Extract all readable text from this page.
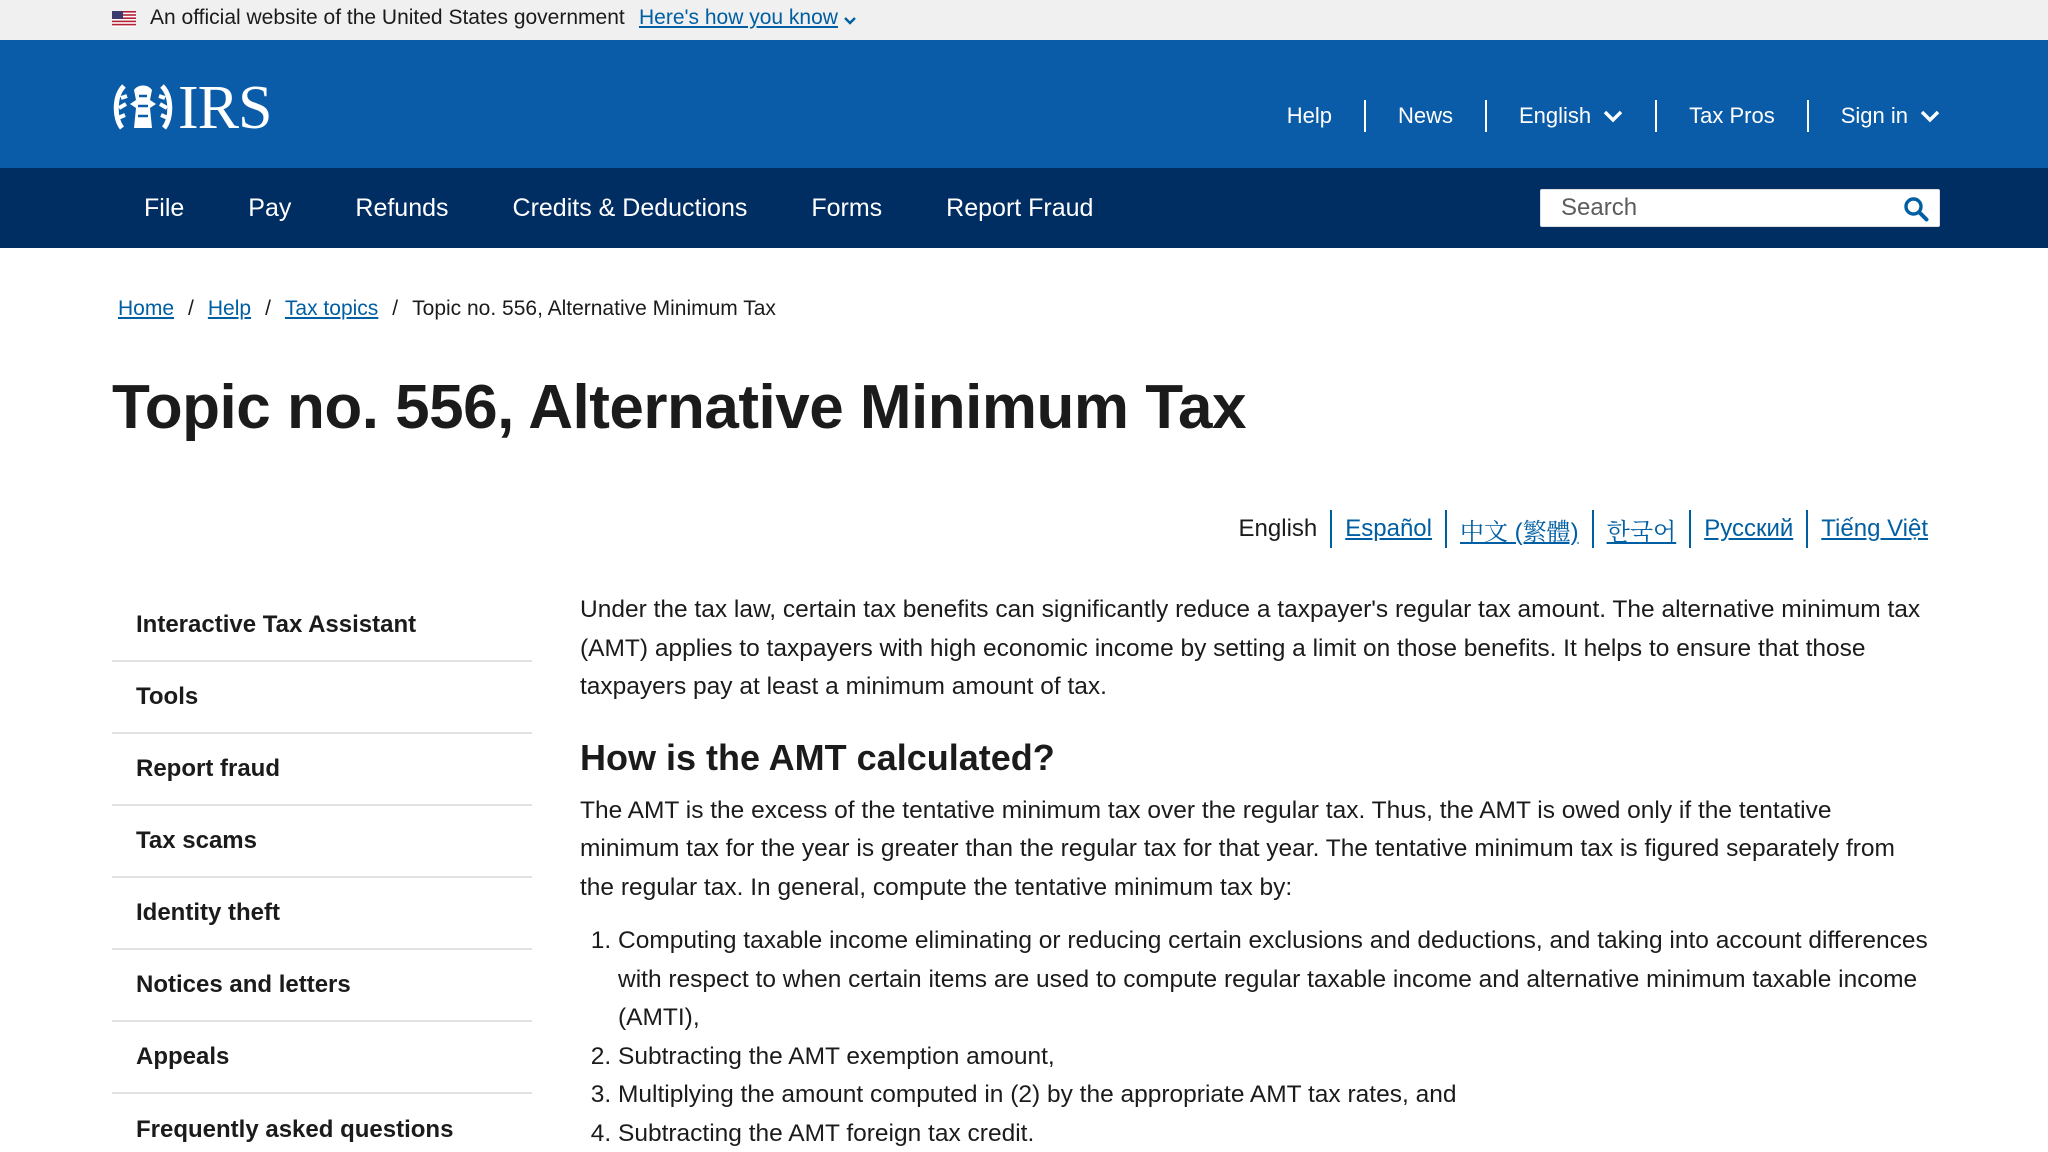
An official website of the United States government Here's how you know
IRS	Help	News	English	Tax Pros	Sign in
File	Pay	Refunds	Credits & Deductions	Forms	Report Fraud
Search
Home / Help / Tax topics / Topic no. 556, Alternative Minimum Tax
Topic no. 556, Alternative Minimum Tax
English	Español	中文 (繁體)	한국어	Русский	Tiếng Việt
Interactive Tax Assistant
Tools
Report fraud
Tax scams
Identity theft
Notices and letters
Appeals
Frequently asked questions

Under the tax law, certain tax benefits can significantly reduce a taxpayer's regular tax amount. The alternative minimum tax (AMT) applies to taxpayers with high economic income by setting a limit on those benefits. It helps to ensure that those taxpayers pay at least a minimum amount of tax.

How is the AMT calculated?

The AMT is the excess of the tentative minimum tax over the regular tax. Thus, the AMT is owed only if the tentative minimum tax for the year is greater than the regular tax for that year. The tentative minimum tax is figured separately from the regular tax. In general, compute the tentative minimum tax by:

1. Computing taxable income eliminating or reducing certain exclusions and deductions, and taking into account differences with respect to when certain items are used to compute regular taxable income and alternative minimum taxable income (AMTI),
2. Subtracting the AMT exemption amount,
3. Multiplying the amount computed in (2) by the appropriate AMT tax rates, and
4. Subtracting the AMT foreign tax credit.
